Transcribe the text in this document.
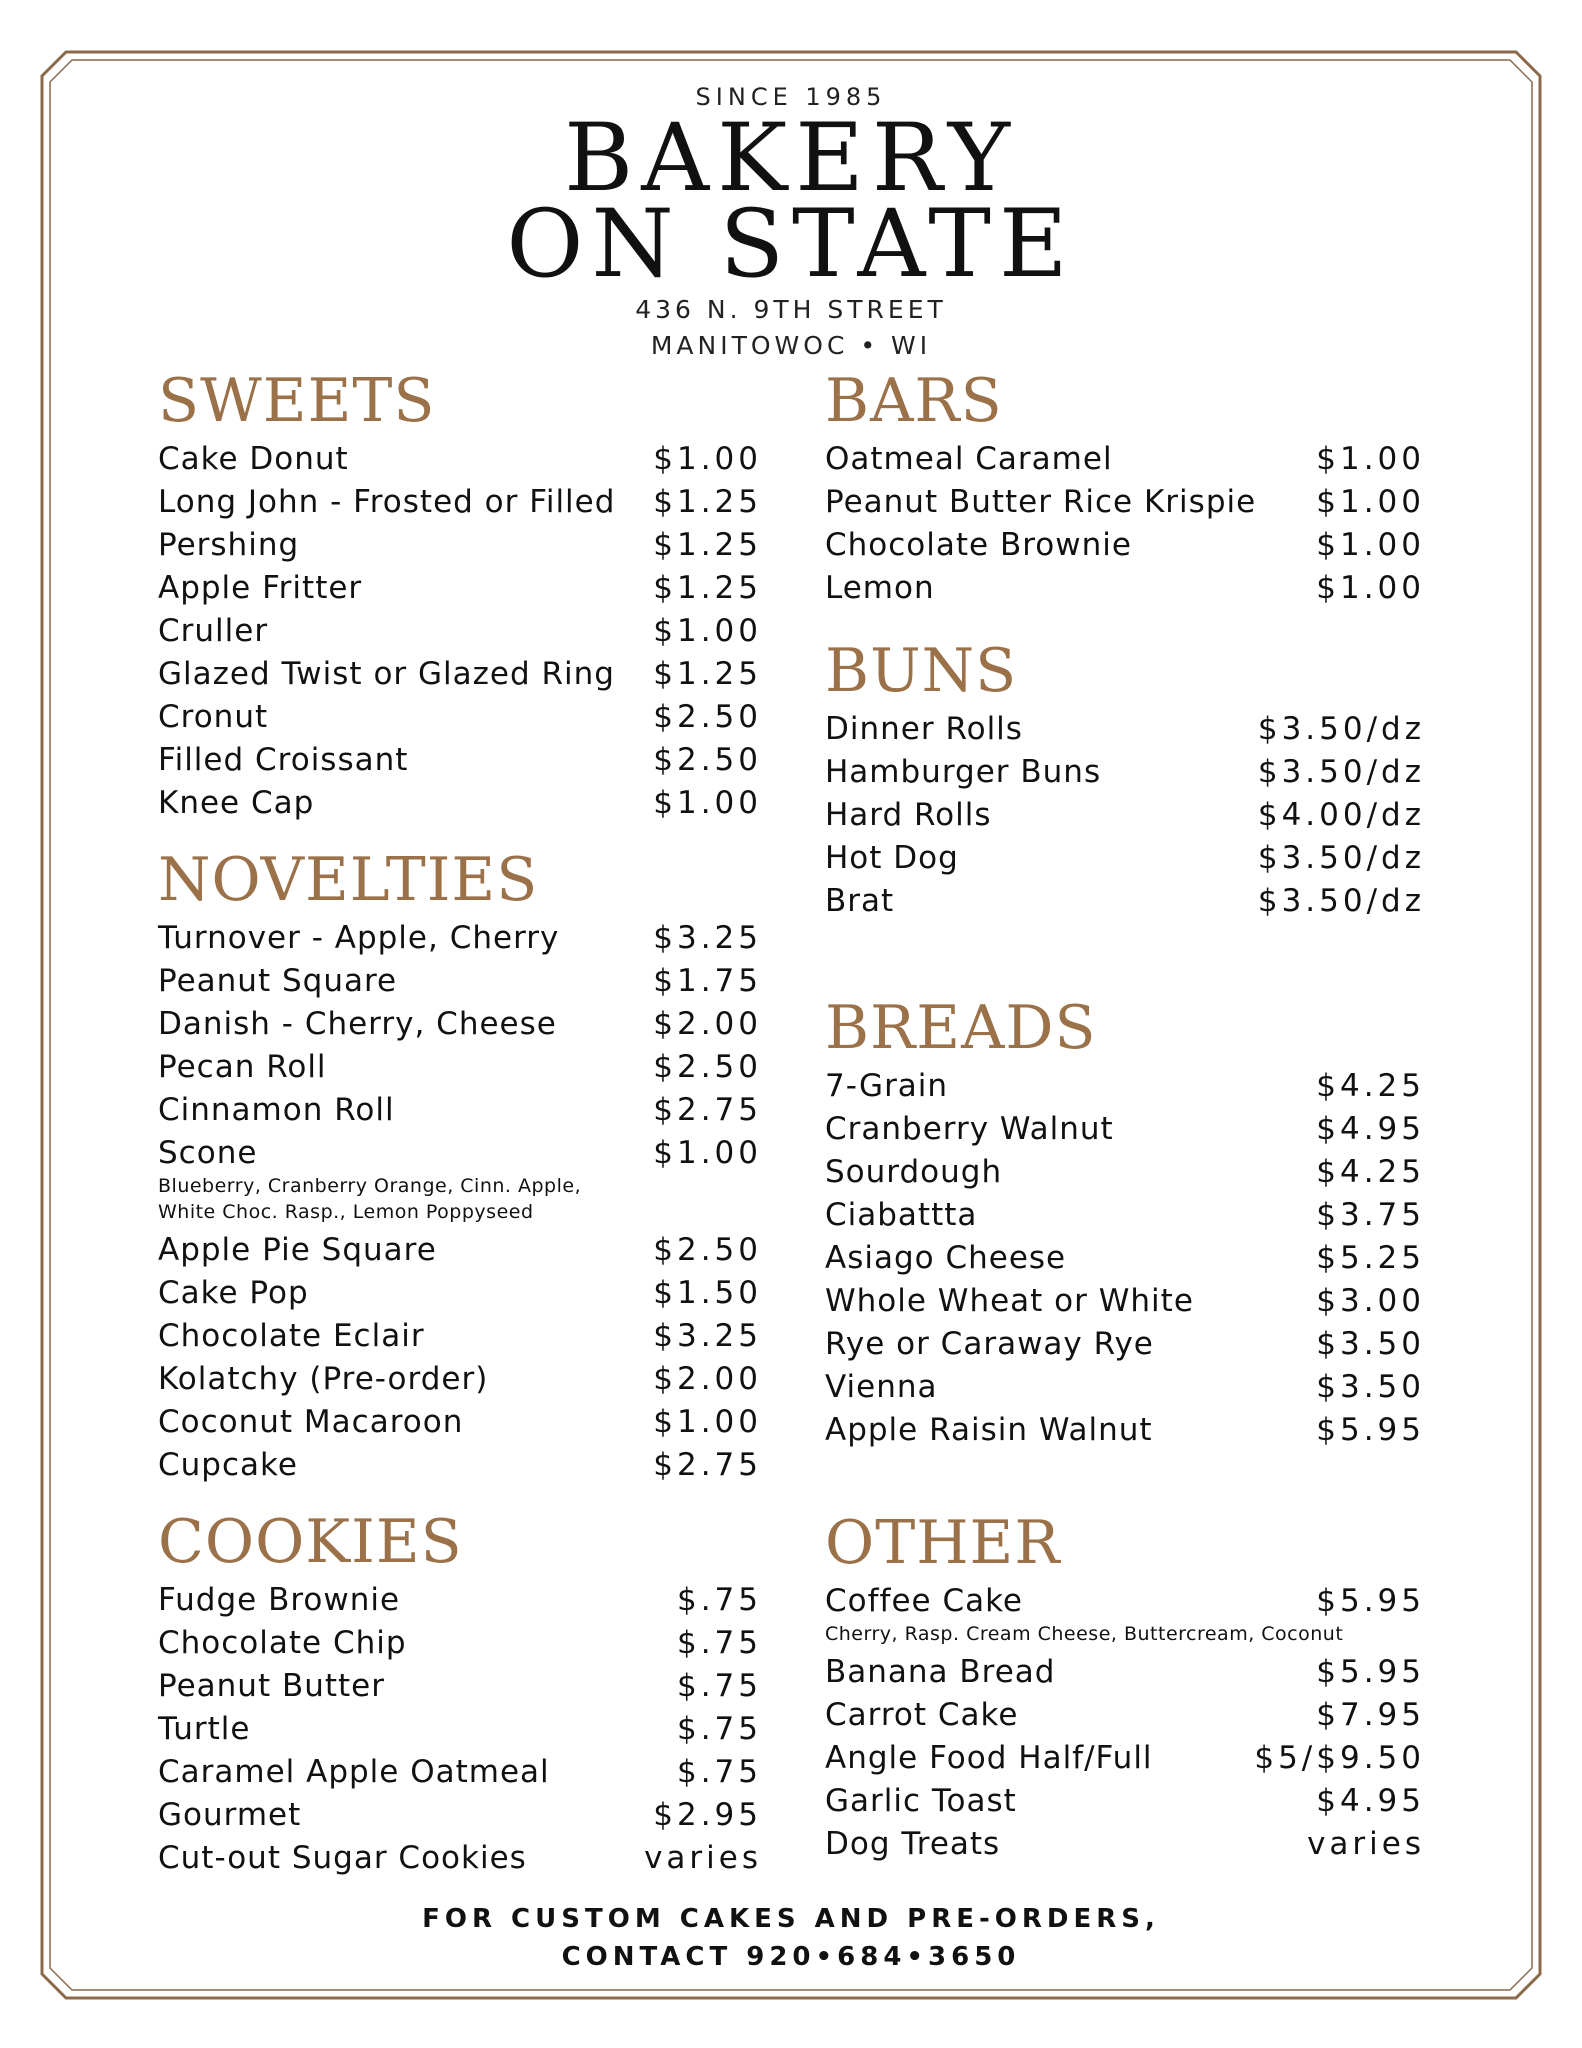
SINCE 1985

BAKERY
ON STATE
436 N. 9TH STREET
MANITOWOC • WI
SWEETS
Cake Donut	$1.00
Long John - Frosted or Filled $1.25
Pershing	$1.25
Apple Fritter	$1.25
Cruller	$1.00
Glazed Twist or Glazed Ring $1.25
Cronut	$2.50
Filled Croissant	$2.50
Knee Cap	$1.00
NOVELTIES
Turnover - Apple, Cherry	$3.25
Peanut Square	$1.75
Danish - Cherry, Cheese	$2.00
Pecan Roll	$2.50
Cinnamon Roll	$2.75
Scone	$1.00
Blueberry, Cranberry Orange, Cinn. Apple,
White Choc. Rasp., Lemon Poppyseed
Apple Pie Square	$2.50
Cake Pop	$1.50
Chocolate Eclair	$3.25
Kolatchy (Pre-order)	$2.00
Coconut Macaroon	$1.00
Cupcake	$2.75
COOKIES
Fudge Brownie	$.75
Chocolate Chip	$.75
Peanut Butter	$.75
Turtle	$.75
Caramel Apple Oatmeal	$.75
Gourmet	$2.95
Cut-out Sugar Cookies	varies
BARS
Oatmeal Caramel	$1.00
Peanut Butter Rice Krispie $1.00
Chocolate Brownie	$1.00
Lemon	$1.00
BUNS
Dinner Rolls	$3.50/dz
Hamburger Buns	$3.50/dz
Hard Rolls	$4.00/dz
Hot Dog	$3.50/dz
Brat	$3.50/dz
BREADS
7-Grain	$4.25
Cranberry Walnut	$4.95
Sourdough	$4.25
Ciabattta	$3.75
Asiago Cheese	$5.25
Whole Wheat or White	$3.00
Rye or Caraway Rye	$3.50
Vienna	$3.50
Apple Raisin Walnut	$5.95
OTHER
Coffee Cake	$5.95
Cherry, Rasp. Cream Cheese, Buttercream, Coconut
Banana Bread	$5.95
Carrot Cake	$7.95
Angle Food Half/Full	$5/$9.50
Garlic Toast	$4.95
Dog Treats	varies
FOR CUSTOM CAKES AND PRE-ORDERS,
CONTACT 920•684•3650
